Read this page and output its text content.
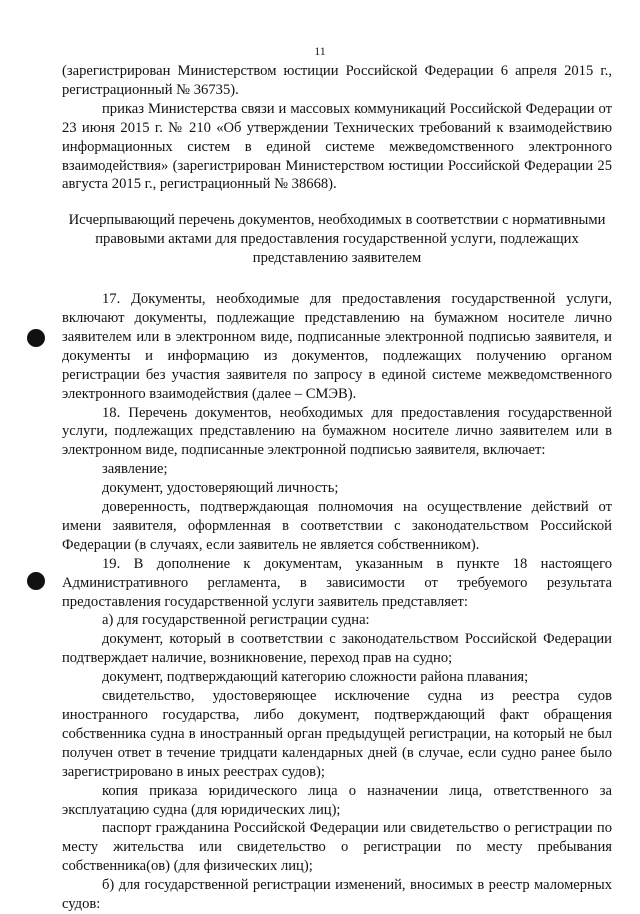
11

(зарегистрирован Министерством юстиции Российской Федерации 6 апреля 2015 г., регистрационный № 36735).

приказ Министерства связи и массовых коммуникаций Российской Федерации от 23 июня 2015 г. № 210 «Об утверждении Технических требований к взаимодействию информационных систем в единой системе межведомственного электронного взаимодействия» (зарегистрирован Министерством юстиции Российской Федерации 25 августа 2015 г., регистрационный № 38668).

Исчерпывающий перечень документов, необходимых в соответствии с нормативными правовыми актами для предоставления государственной услуги, подлежащих представлению заявителем

17. Документы, необходимые для предоставления государственной услуги, включают документы, подлежащие представлению на бумажном носителе лично заявителем или в электронном виде, подписанные электронной подписью заявителя, и документы и информацию из документов, подлежащих получению органом регистрации без участия заявителя по запросу в единой системе межведомственного электронного взаимодействия (далее – СМЭВ).

18. Перечень документов, необходимых для предоставления государственной услуги, подлежащих представлению на бумажном носителе лично заявителем или в электронном виде, подписанные электронной подписью заявителя, включает:

заявление;

документ, удостоверяющий личность;

доверенность, подтверждающая полномочия на осуществление действий от имени заявителя, оформленная в соответствии с законодательством Российской Федерации (в случаях, если заявитель не является собственником).

19. В дополнение к документам, указанным в пункте 18 настоящего Административного регламента, в зависимости от требуемого результата предоставления государственной услуги заявитель представляет:

а) для государственной регистрации судна:

документ, который в соответствии с законодательством Российской Федерации подтверждает наличие, возникновение, переход прав на судно;

документ, подтверждающий категорию сложности района плавания;

свидетельство, удостоверяющее исключение судна из реестра судов иностранного государства, либо документ, подтверждающий факт обращения собственника судна в иностранный орган предыдущей регистрации, на который не был получен ответ в течение тридцати календарных дней (в случае, если судно ранее было зарегистрировано в иных реестрах судов);

копия приказа юридического лица о назначении лица, ответственного за эксплуатацию судна (для юридических лиц);

паспорт гражданина Российской Федерации или свидетельство о регистрации по месту жительства или свидетельство о регистрации по месту пребывания собственника(ов) (для физических лиц);

б) для государственной регистрации изменений, вносимых в реестр маломерных судов:
